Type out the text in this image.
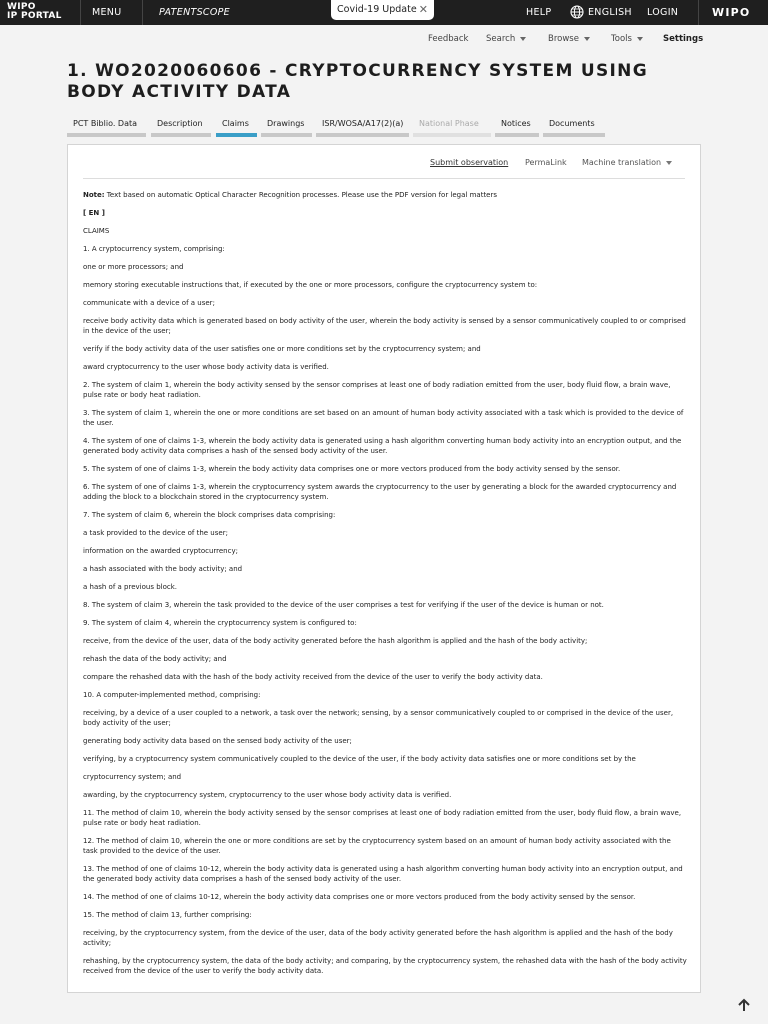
WIPO
IP PORTAL	MENU	PATENTSCOPE	HELP	ENGLISH LOGIN	WIPO
Covid-19 Update ✕
Feedback Search	Browse	Tools	Settings
1. WO2020060606 - CRYPTOCURRENCY SYSTEM USING BODY ACTIVITY DATA
PCT Biblio. Data	Description	Claims	Drawings	ISR/WOSA/A17(2)(a)	National Phase	Notices	Documents
Submit observation PermaLink Machine translation

Note: Text based on automatic Optical Character Recognition processes. Please use the PDF version for legal matters

[ EN ]

CLAIMS

1. A cryptocurrency system, comprising:

one or more processors; and

memory storing executable instructions that, if executed by the one or more processors, configure the cryptocurrency system to:

communicate with a device of a user;

receive body activity data which is generated based on body activity of the user, wherein the body activity is sensed by a sensor communicatively coupled to or comprised in the device of the user;

verify if the body activity data of the user satisfies one or more conditions set by the cryptocurrency system; and

award cryptocurrency to the user whose body activity data is verified.

2. The system of claim 1, wherein the body activity sensed by the sensor comprises at least one of body radiation emitted from the user, body fluid flow, a brain wave, pulse rate or body heat radiation.

3. The system of claim 1, wherein the one or more conditions are set based on an amount of human body activity associated with a task which is provided to the device of the user.

4. The system of one of claims 1-3, wherein the body activity data is generated using a hash algorithm converting human body activity into an encryption output, and the generated body activity data comprises a hash of the sensed body activity of the user.

5. The system of one of claims 1-3, wherein the body activity data comprises one or more vectors produced from the body activity sensed by the sensor.

6. The system of one of claims 1-3, wherein the cryptocurrency system awards the cryptocurrency to the user by generating a block for the awarded cryptocurrency and adding the block to a blockchain stored in the cryptocurrency system.

7. The system of claim 6, wherein the block comprises data comprising:

a task provided to the device of the user;

information on the awarded cryptocurrency;

a hash associated with the body activity; and

a hash of a previous block.

8. The system of claim 3, wherein the task provided to the device of the user comprises a test for verifying if the user of the device is human or not.

9. The system of claim 4, wherein the cryptocurrency system is configured to:

receive, from the device of the user, data of the body activity generated before the hash algorithm is applied and the hash of the body activity;

rehash the data of the body activity; and

compare the rehashed data with the hash of the body activity received from the device of the user to verify the body activity data.

10. A computer-implemented method, comprising:

receiving, by a device of a user coupled to a network, a task over the network; sensing, by a sensor communicatively coupled to or comprised in the device of the user, body activity of the user;

generating body activity data based on the sensed body activity of the user;

verifying, by a cryptocurrency system communicatively coupled to the device of the user, if the body activity data satisfies one or more conditions set by the

cryptocurrency system; and

awarding, by the cryptocurrency system, cryptocurrency to the user whose body activity data is verified.

11. The method of claim 10, wherein the body activity sensed by the sensor comprises at least one of body radiation emitted from the user, body fluid flow, a brain wave, pulse rate or body heat radiation.

12. The method of claim 10, wherein the one or more conditions are set by the cryptocurrency system based on an amount of human body activity associated with the task provided to the device of the user.

13. The method of one of claims 10-12, wherein the body activity data is generated using a hash algorithm converting human body activity into an encryption output, and the generated body activity data comprises a hash of the sensed body activity of the user.

14. The method of one of claims 10-12, wherein the body activity data comprises one or more vectors produced from the body activity sensed by the sensor.

15. The method of claim 13, further comprising:

receiving, by the cryptocurrency system, from the device of the user, data of the body activity generated before the hash algorithm is applied and the hash of the body activity;

rehashing, by the cryptocurrency system, the data of the body activity; and comparing, by the cryptocurrency system, the rehashed data with the hash of the body activity received from the device of the user to verify the body activity data.
